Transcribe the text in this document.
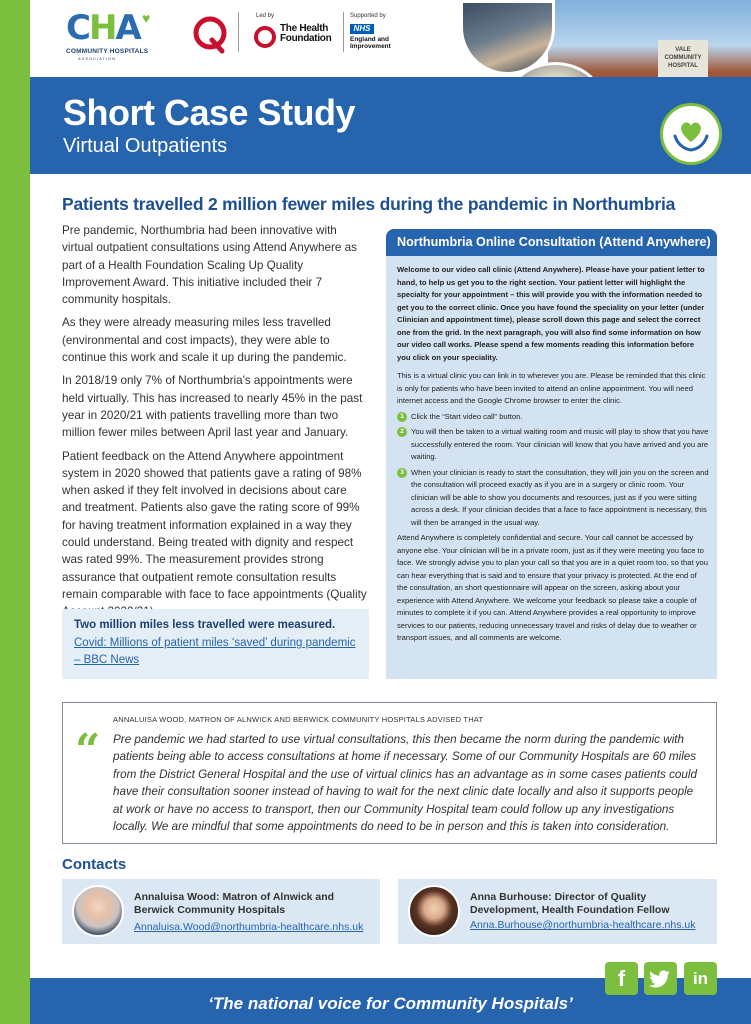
CHA ♥
COMMUNITY HOSPITALS
ASSOCIATION
Led by
The Health Foundation
Supported by
NHS
England and Improvement	VALE COMMUNITY HOSPITAL
Short Case Study
Virtual Outpatients
Patients travelled 2 million fewer miles during the pandemic in Northumbria

Pre pandemic, Northumbria had been innovative with virtual outpatient consultations using Attend Anywhere as part of a Health Foundation Scaling Up Quality Improvement Award. This initiative included their 7 community hospitals.

As they were already measuring miles less travelled (environmental and cost impacts), they were able to continue this work and scale it up during the pandemic.

In 2018/19 only 7% of Northumbria's appointments were held virtually. This has increased to nearly 45% in the past year in 2020/21 with patients travelling more than two million fewer miles between April last year and January.

Patient feedback on the Attend Anywhere appointment system in 2020 showed that patients gave a rating of 98% when asked if they felt involved in decisions about care and treatment. Patients also gave the rating score of 99% for having treatment information explained in a way they could understand. Being treated with dignity and respect was rated 99%. The measurement provides strong assurance that outpatient remote consultation results remain comparable with face to face appointments (Quality

Two million miles less travelled were measured.
Covid: Millions of patient miles ‘saved’ during pandemic – BBC News
Northumbria Online Consultation (Attend Anywhere)
Welcome to our video call clinic (Attend Anywhere). Please have your patient letter to hand, to help us get you to the right section. Your patient letter will highlight the specialty for your appointment – this will provide you with the information needed to get you to the correct clinic. Once you have found the speciality on your letter (under Clinician and appointment time), please scroll down this page and select the correct one from the grid. In the next paragraph, you will also find some information on how our video call works. Please spend a few moments reading this information before you click on your speciality.
This is a virtual clinic you can link in to wherever you are. Please be reminded that this clinic is only for patients who have been invited to attend an online appointment. You will need internet access and the Google Chrome browser to enter the clinic.
1 Click the “Start video call” button.
2 You will then be taken to a virtual waiting room and music will play to show that you have successfully entered the room. Your clinician will know that you have arrived and you are waiting.
3 When your clinician is ready to start the consultation, they will join you on the screen and the consultation will proceed exactly as if you are in a surgery or clinic room. Your clinician will be able to show you documents and resources, just as if you were sitting across a desk. If your clinician decides that a face to face appointment is necessary, this will then be arranged in the usual way.
Attend Anywhere is completely confidential and secure. Your call cannot be accessed by anyone else. Your clinician will be in a private room, just as if they were meeting you face to face. We strongly advise you to plan your call so that you are in a quiet room too, so that you can hear everything that is said and to ensure that your privacy is protected. At the end of the consultation, an short questionnaire will appear on the screen, asking about your experience with Attend Anywhere. We welcome your feedback so please take a couple of minutes to complete it if you can. Attend Anywhere provides a real opportunity to improve services to our patients, reducing unnecessary travel and risks of delay due to weather or transport issues, and all comments are welcome.
ANNALUISA WOOD, MATRON OF ALNWICK AND BERWICK COMMUNITY HOSPITALS ADVISED THAT
“ Pre pandemic we had started to use virtual consultations, this then became the norm during the pandemic with patients being able to access consultations at home if necessary. Some of our Community Hospitals are 60 miles from the District General Hospital and the use of virtual clinics has an advantage as in some cases patients could have their consultation sooner instead of having to wait for the next clinic date locally and also it supports people at work or have no access to transport, then our Community Hospital team could follow up any investigations locally. We are mindful that some appointments do need to be in person and this is taken into consideration.
Contacts
Annaluisa Wood: Matron of Alnwick and Berwick Community Hospitals
Annaluisa.Wood@northumbria-healthcare.nhs.uk
Anna Burhouse: Director of Quality Development, Health Foundation Fellow
Anna.Burhouse@northumbria-healthcare.nhs.uk
‘The national voice for Community Hospitals’
f	in
